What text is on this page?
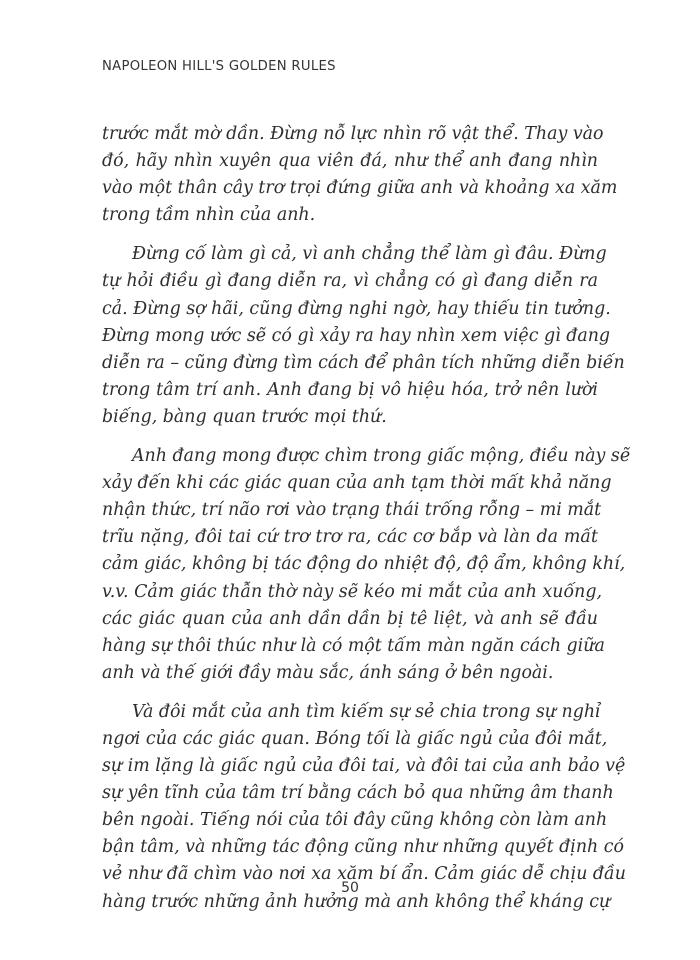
NAPOLEON HILL'S GOLDEN RULES

trước mắt mờ dần. Đừng nỗ lực nhìn rõ vật thể. Thay vào
đó, hãy nhìn xuyên qua viên đá, như thể anh đang nhìn
vào một thân cây trơ trọi đứng giữa anh và khoảng xa xăm
trong tầm nhìn của anh.

Đừng cố làm gì cả, vì anh chẳng thể làm gì đâu. Đừng
tự hỏi điều gì đang diễn ra, vì chẳng có gì đang diễn ra
cả. Đừng sợ hãi, cũng đừng nghi ngờ, hay thiếu tin tưởng.
Đừng mong ước sẽ có gì xảy ra hay nhìn xem việc gì đang
diễn ra – cũng đừng tìm cách để phân tích những diễn biến
trong tâm trí anh. Anh đang bị vô hiệu hóa, trở nên lười
biếng, bàng quan trước mọi thứ.

Anh đang mong được chìm trong giấc mộng, điều này sẽ
xảy đến khi các giác quan của anh tạm thời mất khả năng
nhận thức, trí não rơi vào trạng thái trống rỗng – mi mắt
trĩu nặng, đôi tai cứ trơ trơ ra, các cơ bắp và làn da mất
cảm giác, không bị tác động do nhiệt độ, độ ẩm, không khí,
v.v. Cảm giác thẫn thờ này sẽ kéo mi mắt của anh xuống,
các giác quan của anh dần dần bị tê liệt, và anh sẽ đầu
hàng sự thôi thúc như là có một tấm màn ngăn cách giữa
anh và thế giới đầy màu sắc, ánh sáng ở bên ngoài.

Và đôi mắt của anh tìm kiếm sự sẻ chia trong sự nghỉ
ngơi của các giác quan. Bóng tối là giấc ngủ của đôi mắt,
sự im lặng là giấc ngủ của đôi tai, và đôi tai của anh bảo vệ
sự yên tĩnh của tâm trí bằng cách bỏ qua những âm thanh
bên ngoài. Tiếng nói của tôi đây cũng không còn làm anh
bận tâm, và những tác động cũng như những quyết định có
vẻ như đã chìm vào nơi xa xăm bí ẩn. Cảm giác dễ chịu đầu
hàng trước những ảnh hưởng mà anh không thể kháng cự

50
